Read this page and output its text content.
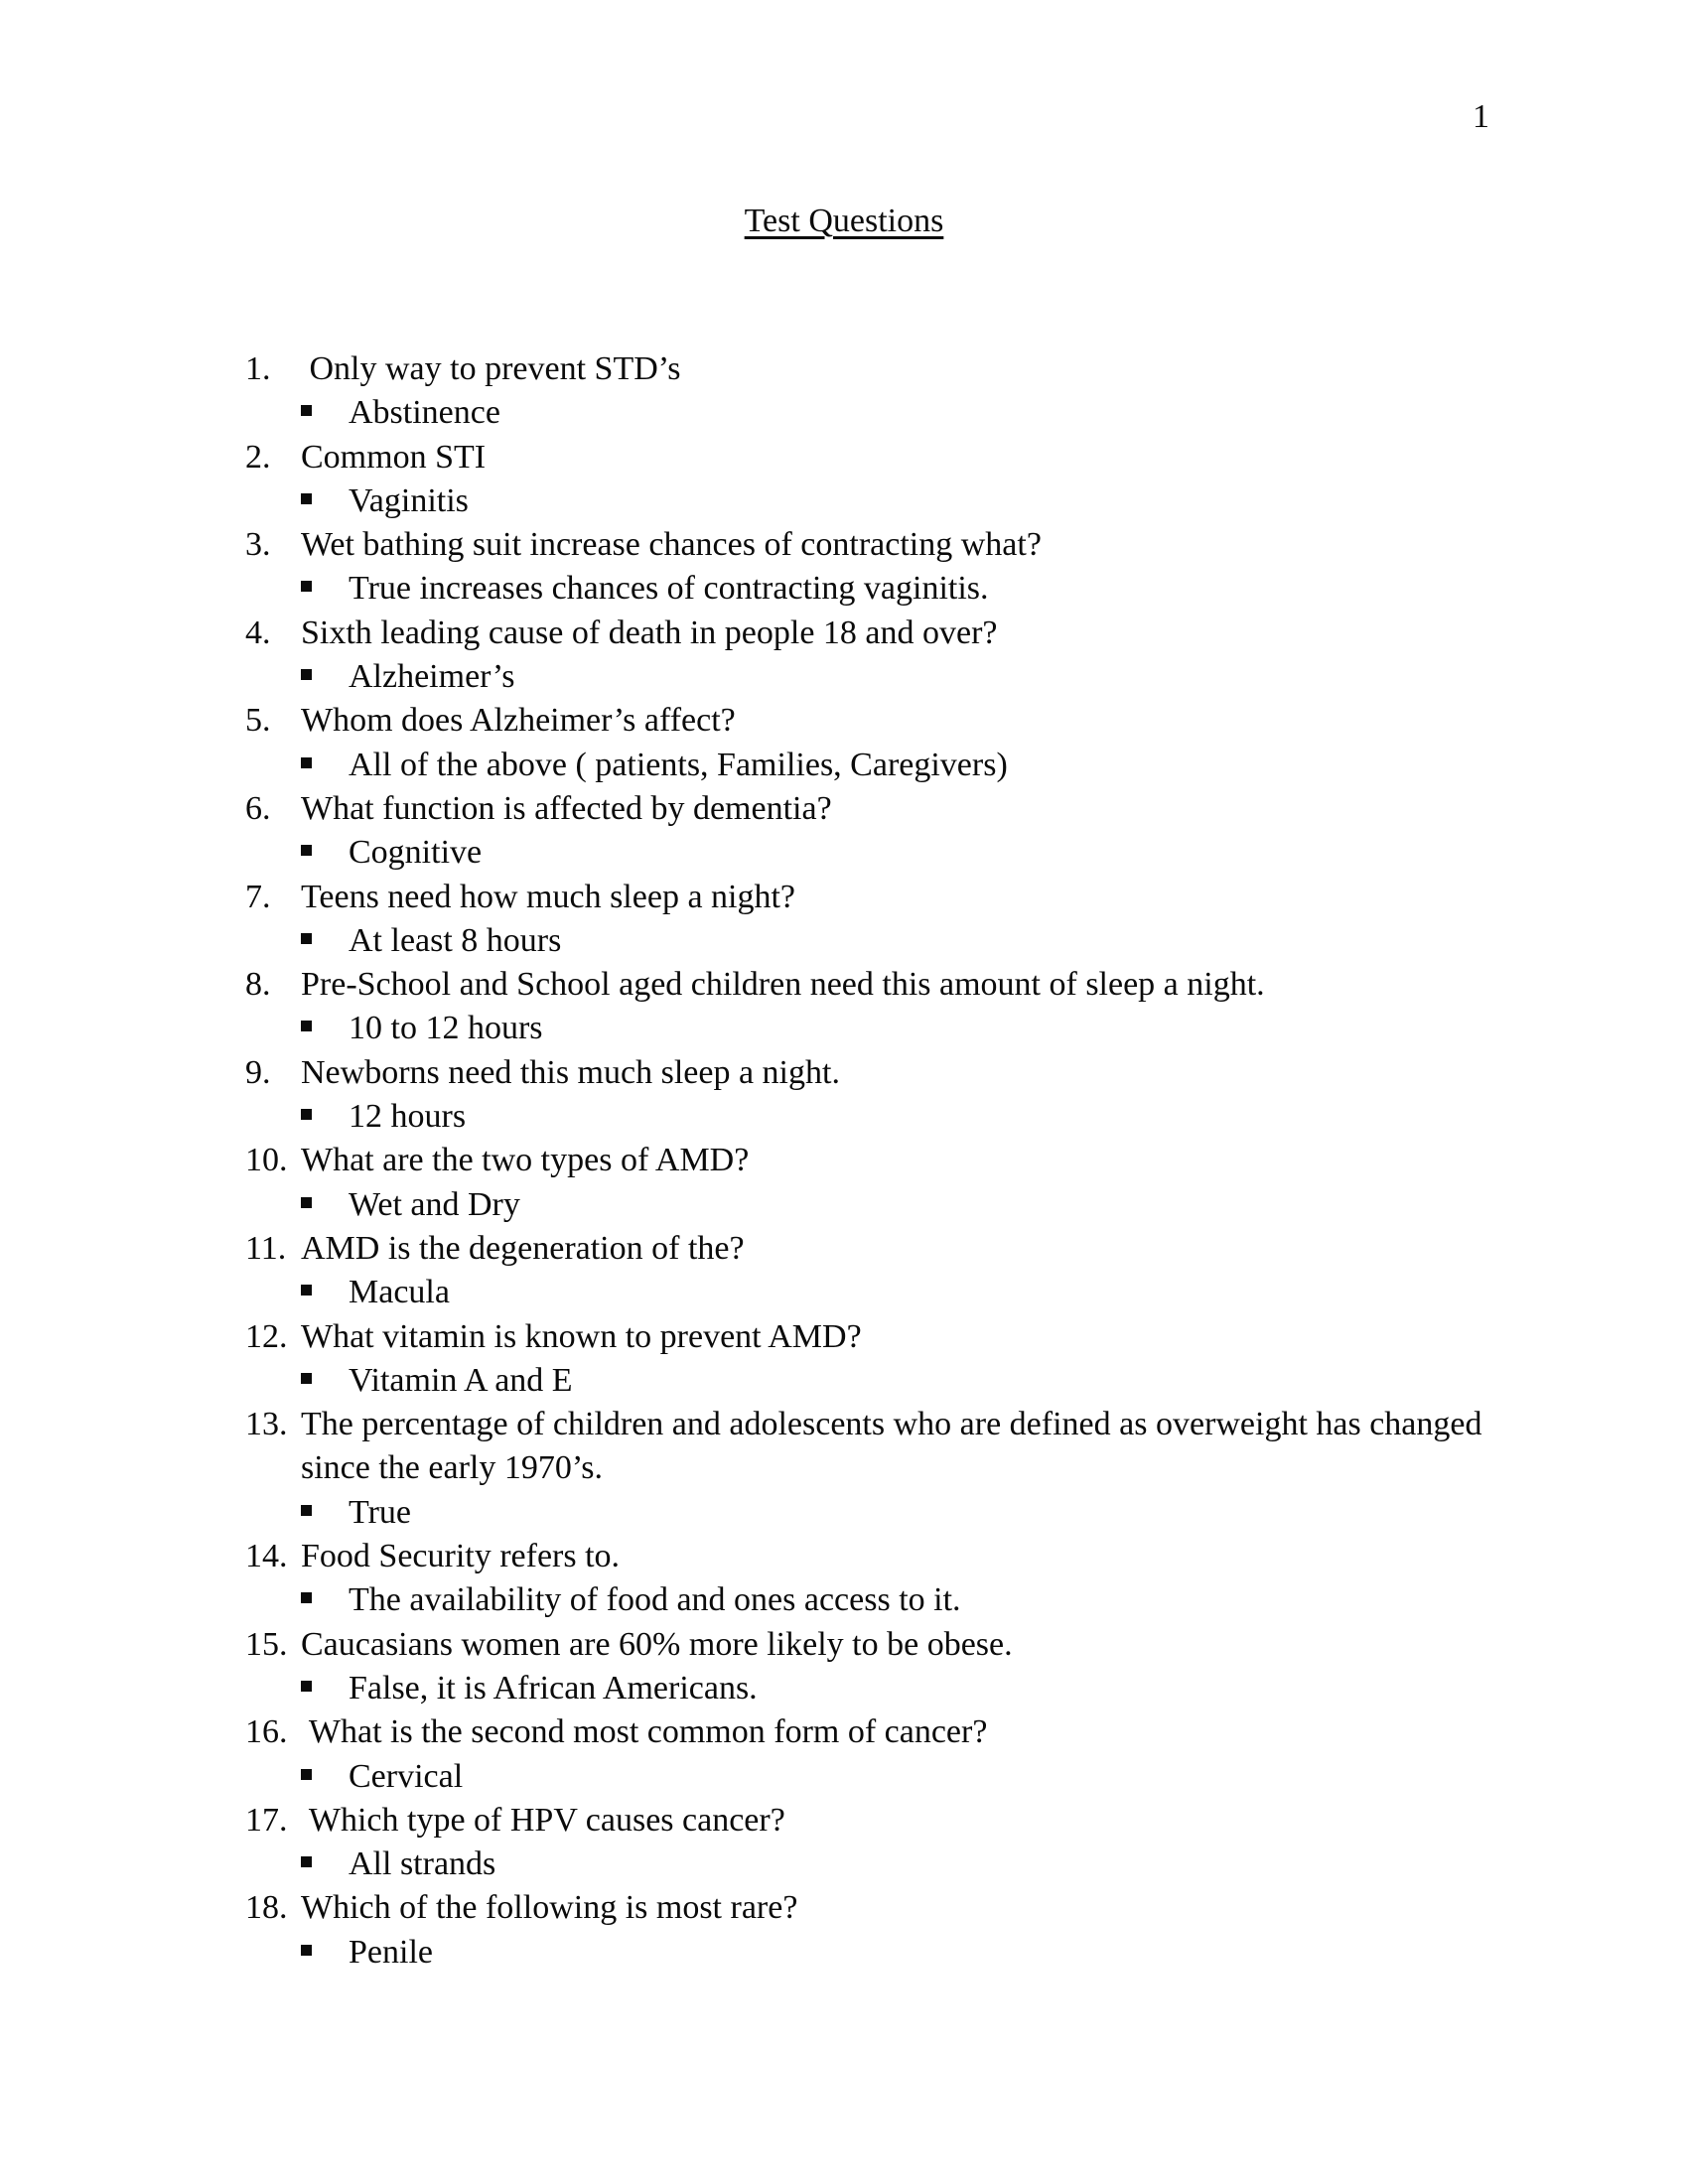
1
Test Questions
1. Only way to prevent STD’s
Abstinence
2. Common STI
Vaginitis
3. Wet bathing suit increase chances of contracting what?
True increases chances of contracting vaginitis.
4. Sixth leading cause of death in people 18 and over?
Alzheimer’s
5. Whom does Alzheimer’s affect?
All of the above ( patients, Families, Caregivers)
6. What function is affected by dementia?
Cognitive
7. Teens need how much sleep a night?
At least 8 hours
8. Pre-School and School aged children need this amount of sleep a night.
10 to 12 hours
9. Newborns need this much sleep a night.
12 hours
10. What are the two types of AMD?
Wet and Dry
11. AMD is the degeneration of the?
Macula
12. What vitamin is known to prevent AMD?
Vitamin A and E
13. The percentage of children and adolescents who are defined as overweight has changed since the early 1970’s.
True
14. Food Security refers to.
The availability of food and ones access to it.
15. Caucasians women are 60% more likely to be obese.
False, it is African Americans.
16. What is the second most common form of cancer?
Cervical
17. Which type of HPV causes cancer?
All strands
18. Which of the following is most rare?
Penile
